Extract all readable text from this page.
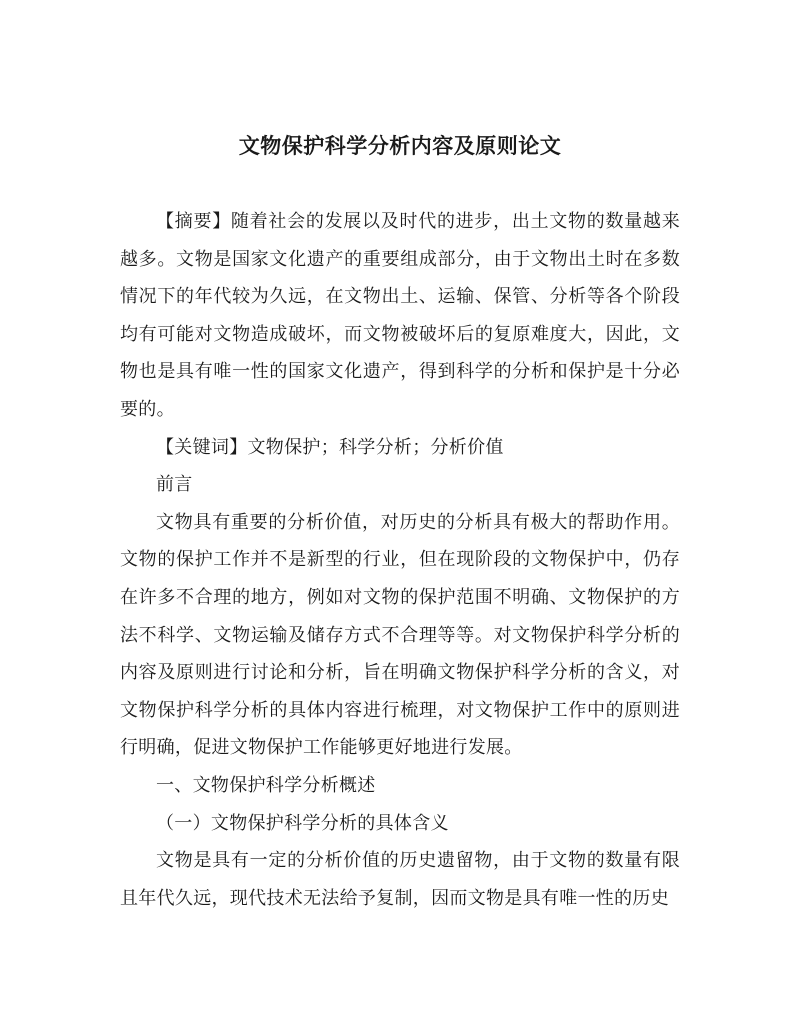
文物保护科学分析内容及原则论文

【摘要】随着社会的发展以及时代的进步，出土文物的数量越来越多。文物是国家文化遗产的重要组成部分，由于文物出土时在多数情况下的年代较为久远，在文物出土、运输、保管、分析等各个阶段均有可能对文物造成破坏，而文物被破坏后的复原难度大，因此，文物也是具有唯一性的国家文化遗产，得到科学的分析和保护是十分必要的。

【关键词】文物保护；科学分析；分析价值

前言

文物具有重要的分析价值，对历史的分析具有极大的帮助作用。文物的保护工作并不是新型的行业，但在现阶段的文物保护中，仍存在许多不合理的地方，例如对文物的保护范围不明确、文物保护的方法不科学、文物运输及储存方式不合理等等。对文物保护科学分析的内容及原则进行讨论和分析，旨在明确文物保护科学分析的含义，对文物保护科学分析的具体内容进行梳理，对文物保护工作中的原则进行明确，促进文物保护工作能够更好地进行发展。

一、文物保护科学分析概述

（一）文物保护科学分析的具体含义

文物是具有一定的分析价值的历史遗留物，由于文物的数量有限且年代久远，现代技术无法给予复制，因而文物是具有唯一性的历史
